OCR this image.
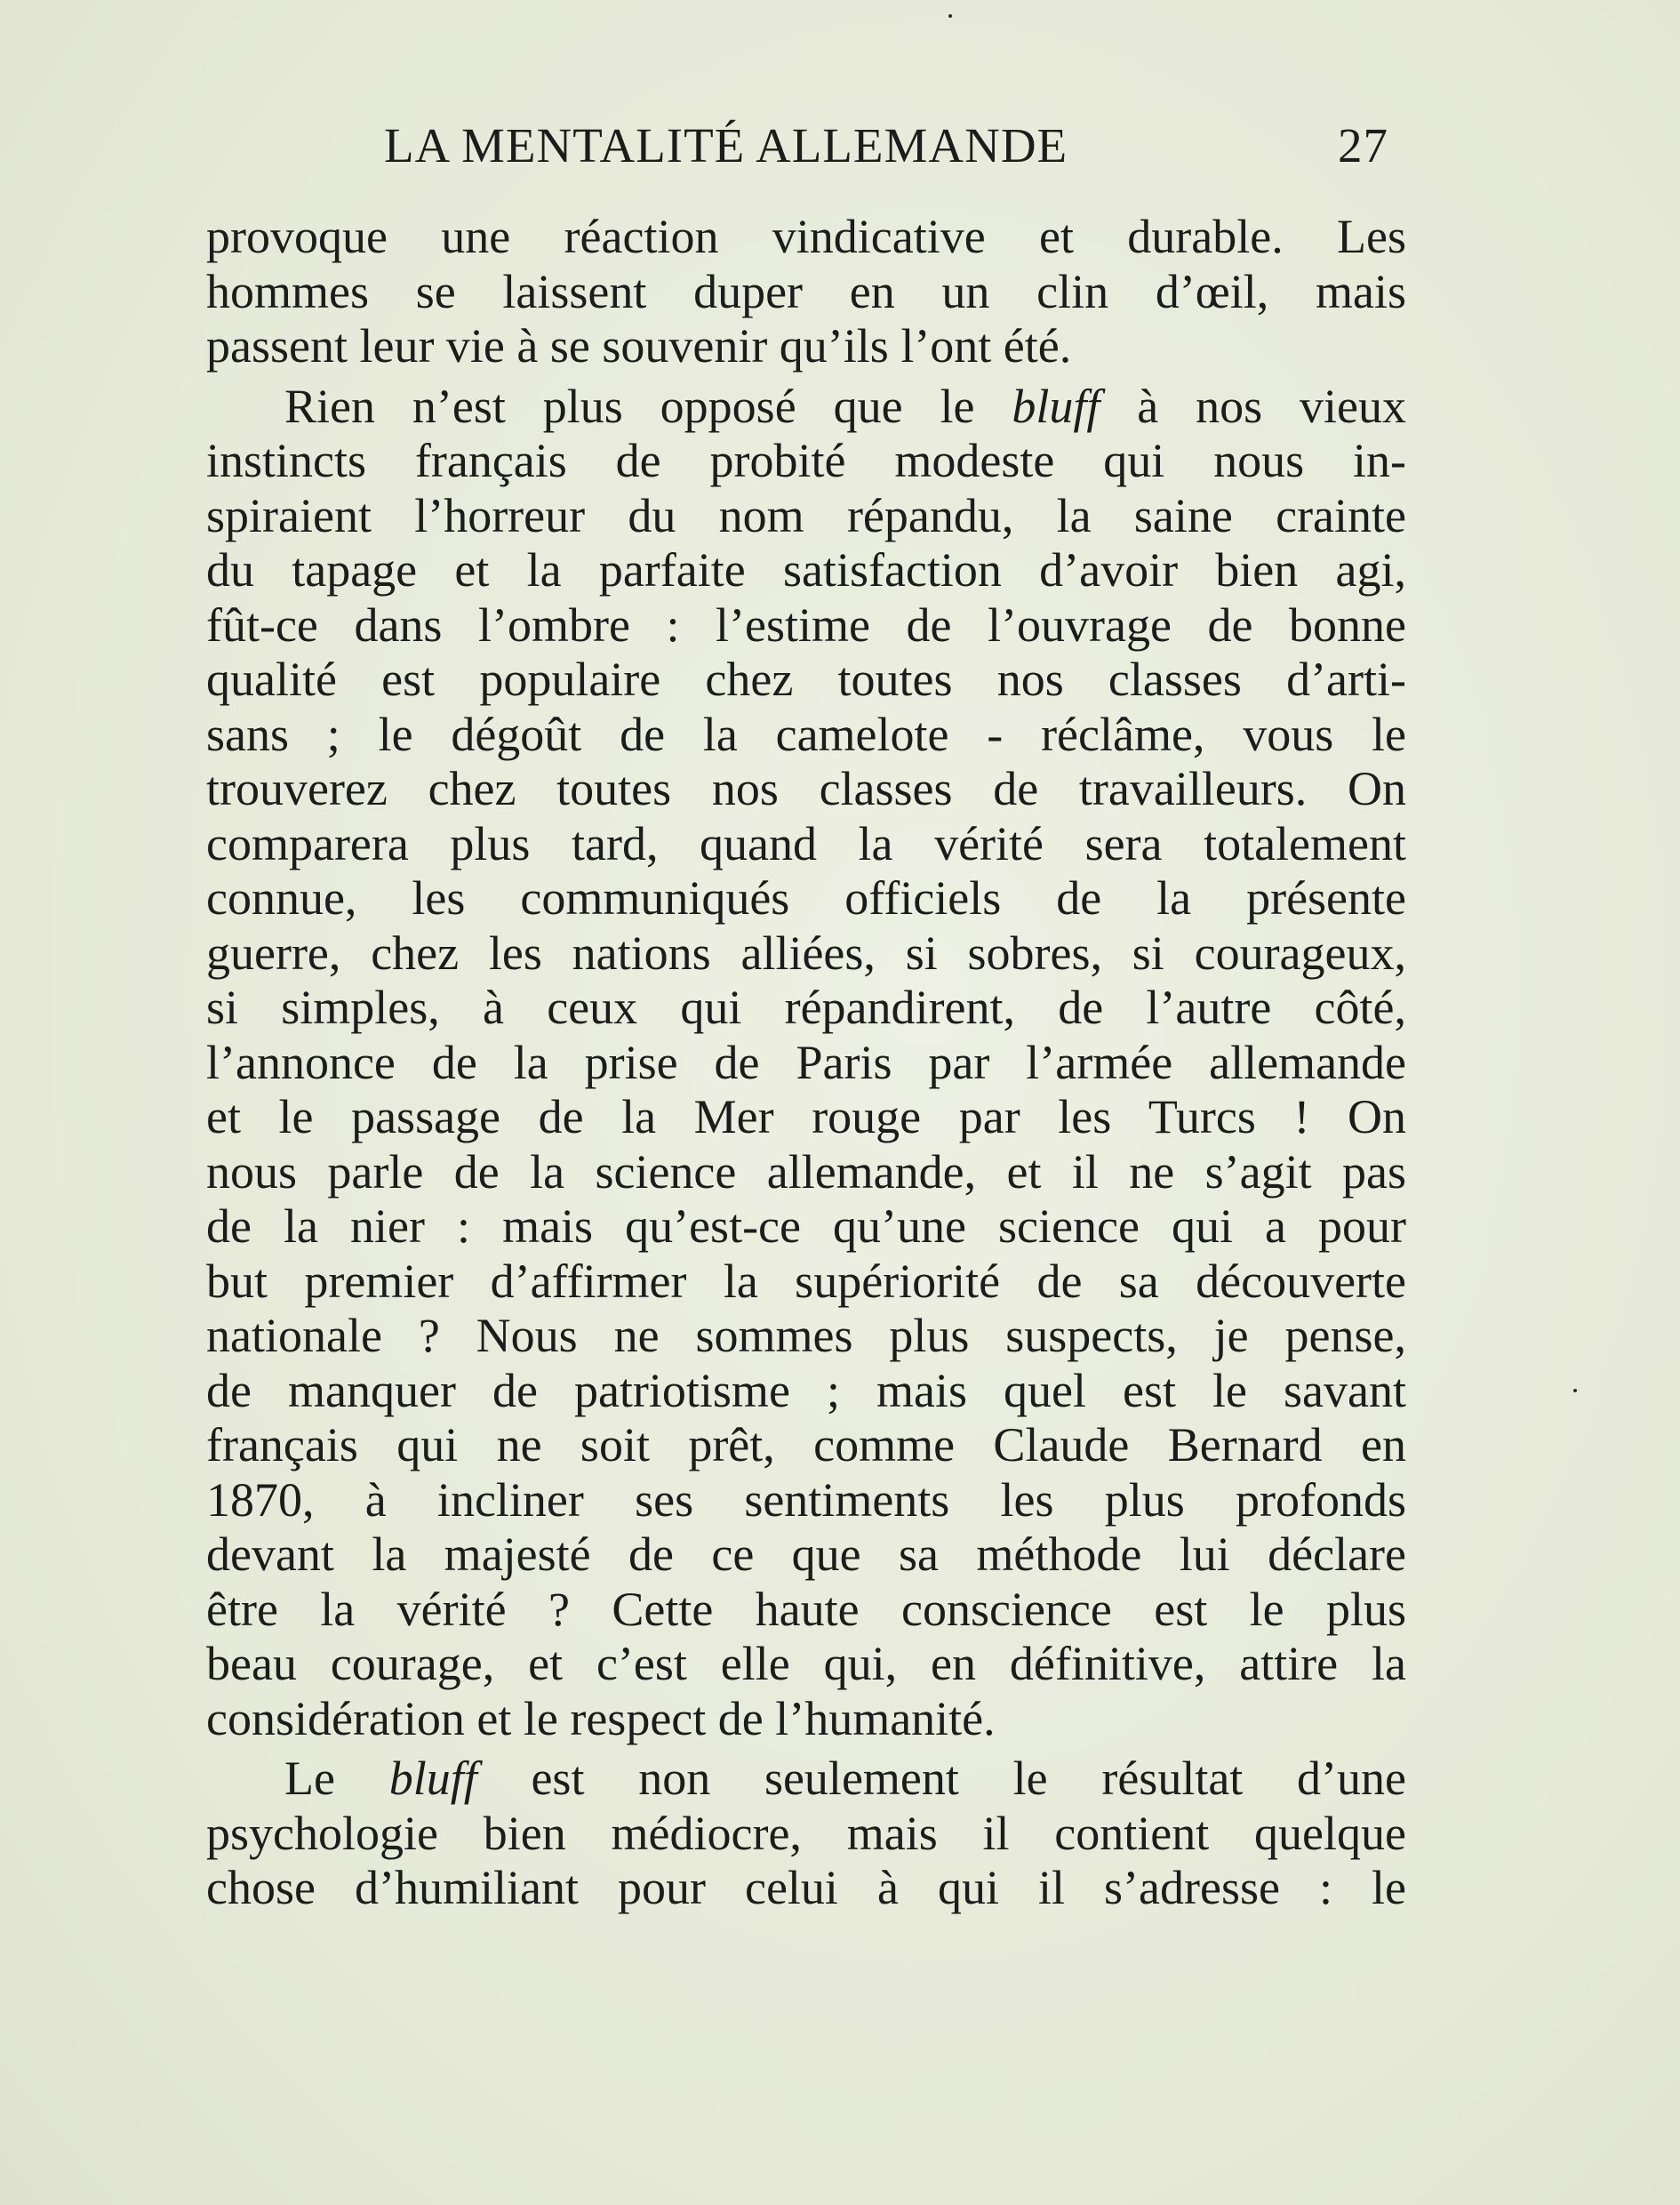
LA MENTALITÉ ALLEMANDE	27
provoque une réaction vindicative et durable. Les
hommes se laissent duper en un clin d’œil, mais
passent leur vie à se souvenir qu’ils l’ont été.
Rien n’est plus opposé que le bluff à nos vieux
instincts français de probité modeste qui nous in-
spiraient l’horreur du nom répandu, la saine crainte
du tapage et la parfaite satisfaction d’avoir bien agi,
fût-ce dans l’ombre : l’estime de l’ouvrage de bonne
qualité est populaire chez toutes nos classes d’arti-
sans ; le dégoût de la camelote - réclâme, vous le
trouverez chez toutes nos classes de travailleurs. On
comparera plus tard, quand la vérité sera totalement
connue, les communiqués officiels de la présente
guerre, chez les nations alliées, si sobres, si courageux,
si simples, à ceux qui répandirent, de l’autre côté,
l’annonce de la prise de Paris par l’armée allemande
et le passage de la Mer rouge par les Turcs ! On
nous parle de la science allemande, et il ne s’agit pas
de la nier : mais qu’est-ce qu’une science qui a pour
but premier d’affirmer la supériorité de sa découverte
nationale ? Nous ne sommes plus suspects, je pense,
de manquer de patriotisme ; mais quel est le savant
français qui ne soit prêt, comme Claude Bernard en
1870, à incliner ses sentiments les plus profonds
devant la majesté de ce que sa méthode lui déclare
être la vérité ? Cette haute conscience est le plus
beau courage, et c’est elle qui, en définitive, attire la
considération et le respect de l’humanité.
Le bluff est non seulement le résultat d’une
psychologie bien médiocre, mais il contient quelque
chose d’humiliant pour celui à qui il s’adresse : le
